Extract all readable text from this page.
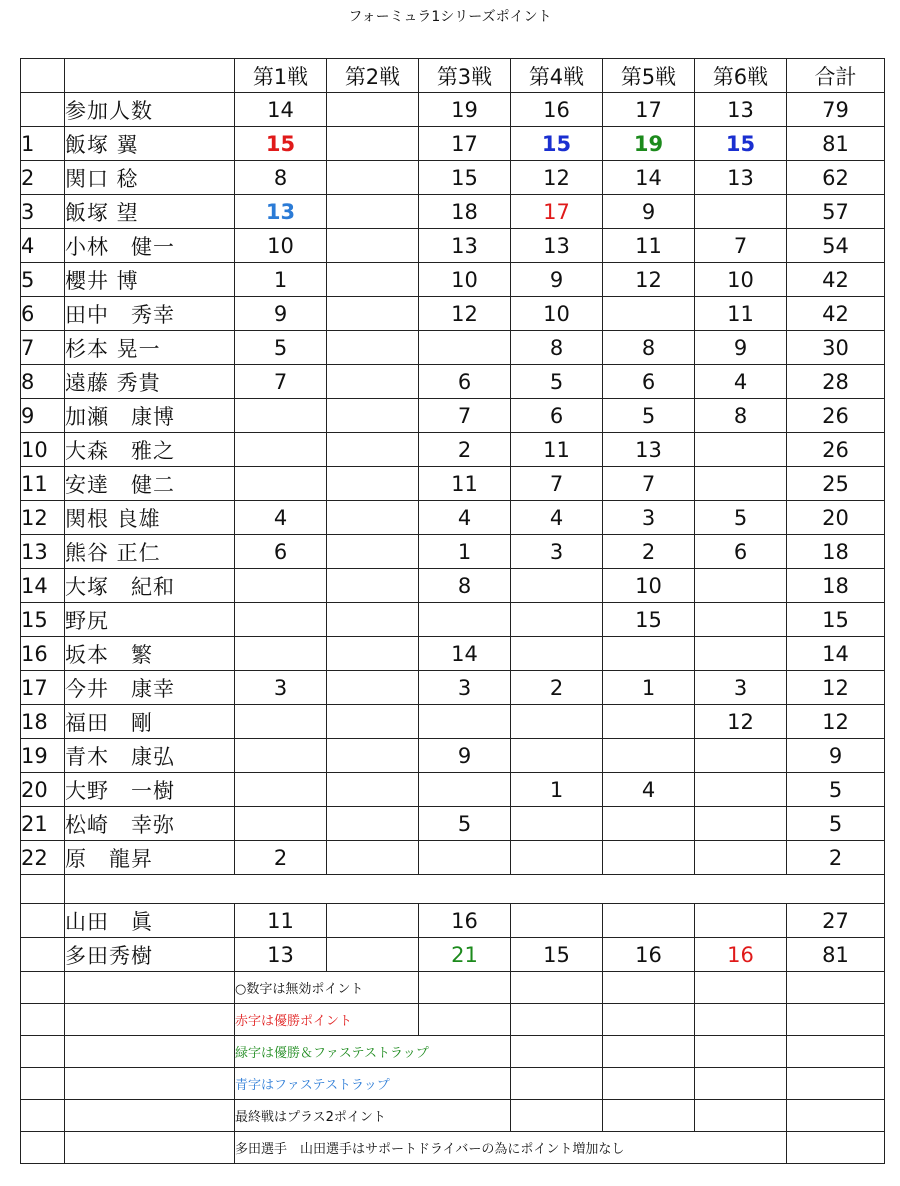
フォーミュラ1シリーズポイント
		第1戦	第2戦	第3戦	第4戦	第5戦	第6戦	合計
	参加人数	14		19	16	17	13	79
1	飯塚 翼	15		17	15	19	15	81
2	関口 稔	8		15	12	14	13	62
3	飯塚 望	13		18	17	9		57
4	小林　健一	10		13	13	11	7	54
5	櫻井 博	1		10	9	12	10	42
6	田中　秀幸	9		12	10		11	42
7	杉本 晃一	5			8	8	9	30
8	遠藤 秀貴	7		6	5	6	4	28
9	加瀬　康博			7	6	5	8	26
10	大森　雅之			2	11	13		26
11	安達　健二			11	7	7		25
12	関根 良雄	4		4	4	3	5	20
13	熊谷 正仁	6		1	3	2	6	18
14	大塚　紀和			8		10		18
15	野尻					15		15
16	坂本　繁			14				14
17	今井　康幸	3		3	2	1	3	12
18	福田　剛						12	12
19	青木　康弘			9				9
20	大野　一樹				1	4		5
21	松崎　幸弥			5				5
22	原　龍昇	2						2

	山田　眞	11		16				27
	多田秀樹	13		21	15	16	16	81
		○数字は無効ポイント						
		赤字は優勝ポイント						
		緑字は優勝＆ファステストラップ						
		青字はファステストラップ						
		最終戦はプラス2ポイント						
		多田選手　山田選手はサポートドライバーの為にポイント増加なし						
